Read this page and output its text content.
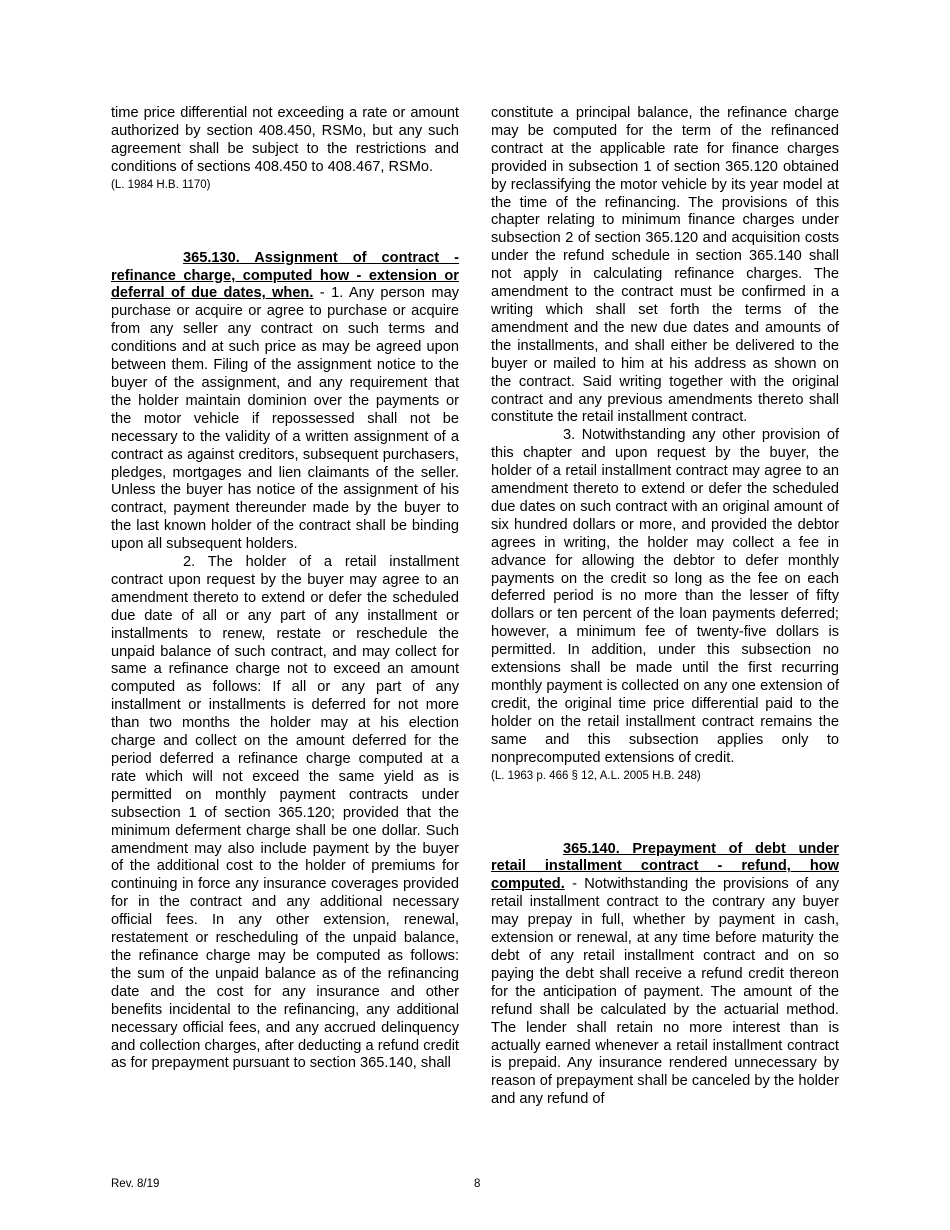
time price differential not exceeding a rate or amount authorized by section 408.450, RSMo, but any such agreement shall be subject to the restrictions and conditions of sections 408.450 to 408.467, RSMo.

(L. 1984 H.B. 1170)

365.130. Assignment of contract - refinance charge, computed how - extension or deferral of due dates, when. - 1. Any person may purchase or acquire or agree to purchase or acquire from any seller any contract on such terms and conditions and at such price as may be agreed upon between them. Filing of the assignment notice to the buyer of the assignment, and any requirement that the holder maintain dominion over the payments or the motor vehicle if repossessed shall not be necessary to the validity of a written assignment of a contract as against creditors, subsequent purchasers, pledges, mortgages and lien claimants of the seller. Unless the buyer has notice of the assignment of his contract, payment thereunder made by the buyer to the last known holder of the contract shall be binding upon all subsequent holders.

2. The holder of a retail installment contract upon request by the buyer may agree to an amendment thereto to extend or defer the scheduled due date of all or any part of any installment or installments to renew, restate or reschedule the unpaid balance of such contract, and may collect for same a refinance charge not to exceed an amount computed as follows: If all or any part of any installment or installments is deferred for not more than two months the holder may at his election charge and collect on the amount deferred for the period deferred a refinance charge computed at a rate which will not exceed the same yield as is permitted on monthly payment contracts under subsection 1 of section 365.120; provided that the minimum deferment charge shall be one dollar. Such amendment may also include payment by the buyer of the additional cost to the holder of premiums for continuing in force any insurance coverages provided for in the contract and any additional necessary official fees. In any other extension, renewal, restatement or rescheduling of the unpaid balance, the refinance charge may be computed as follows: the sum of the unpaid balance as of the refinancing date and the cost for any insurance and other benefits incidental to the refinancing, any additional necessary official fees, and any accrued delinquency and collection charges, after deducting a refund credit as for prepayment pursuant to section 365.140, shall

constitute a principal balance, the refinance charge may be computed for the term of the refinanced contract at the applicable rate for finance charges provided in subsection 1 of section 365.120 obtained by reclassifying the motor vehicle by its year model at the time of the refinancing. The provisions of this chapter relating to minimum finance charges under subsection 2 of section 365.120 and acquisition costs under the refund schedule in section 365.140 shall not apply in calculating refinance charges. The amendment to the contract must be confirmed in a writing which shall set forth the terms of the amendment and the new due dates and amounts of the installments, and shall either be delivered to the buyer or mailed to him at his address as shown on the contract. Said writing together with the original contract and any previous amendments thereto shall constitute the retail installment contract.

3. Notwithstanding any other provision of this chapter and upon request by the buyer, the holder of a retail installment contract may agree to an amendment thereto to extend or defer the scheduled due dates on such contract with an original amount of six hundred dollars or more, and provided the debtor agrees in writing, the holder may collect a fee in advance for allowing the debtor to defer monthly payments on the credit so long as the fee on each deferred period is no more than the lesser of fifty dollars or ten percent of the loan payments deferred; however, a minimum fee of twenty-five dollars is permitted. In addition, under this subsection no extensions shall be made until the first recurring monthly payment is collected on any one extension of credit, the original time price differential paid to the holder on the retail installment contract remains the same and this subsection applies only to nonprecomputed extensions of credit.

(L. 1963 p. 466 § 12, A.L. 2005 H.B. 248)

365.140. Prepayment of debt under retail installment contract - refund, how computed. - Notwithstanding the provisions of any retail installment contract to the contrary any buyer may prepay in full, whether by payment in cash, extension or renewal, at any time before maturity the debt of any retail installment contract and on so paying the debt shall receive a refund credit thereon for the anticipation of payment. The amount of the refund shall be calculated by the actuarial method. The lender shall retain no more interest than is actually earned whenever a retail installment contract is prepaid. Any insurance rendered unnecessary by reason of prepayment shall be canceled by the holder and any refund of

Rev. 8/19	8
